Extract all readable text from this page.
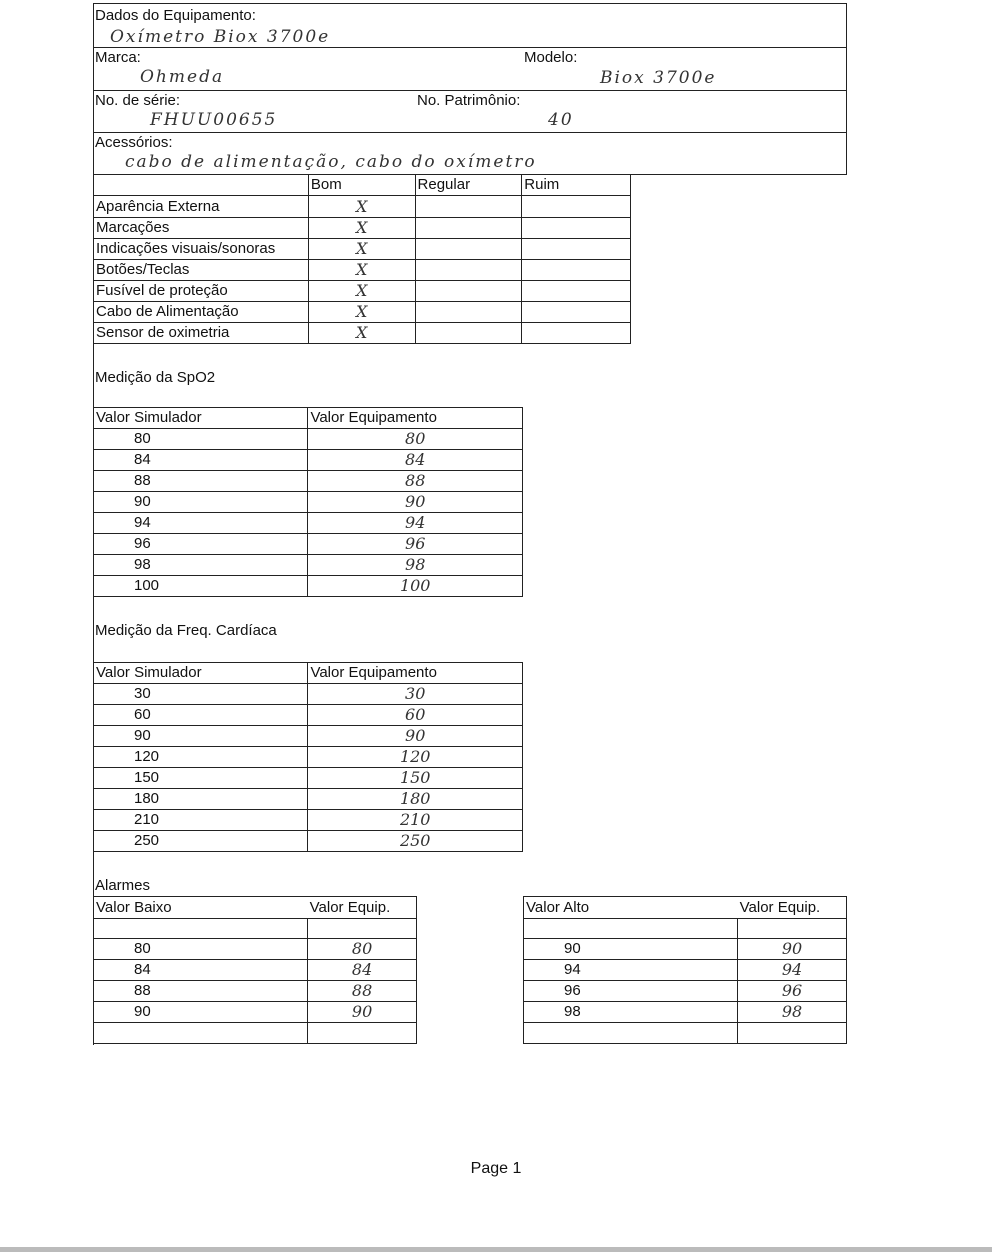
Dados do Equipamento:
Oxímetro Biox 3700e
Marca:
Ohmeda
Modelo:
Biox 3700e
No. de série:
FHUU00655
No. Patrimônio:
40
Acessórios:
cabo de alimentação, cabo do oxímetro
	Bom	Regular	Ruim
Aparência Externa	X		
Marcações	X		
Indicações visuais/sonoras	X		
Botões/Teclas	X		
Fusível de proteção	X		
Cabo de Alimentação	X		
Sensor de oximetria	X		
Medição da SpO2
Valor Simulador	Valor Equipamento
80	80
84	84
88	88
90	90
94	94
96	96
98	98
100	100
Medição da Freq. Cardíaca
Valor Simulador	Valor Equipamento
30	30
60	60
90	90
120	120
150	150
180	180
210	210
250	250
Alarmes
Valor Baixo	Valor Equip.

80	80
84	84
88	88
90	90

Valor Alto	Valor Equip.

90	90
94	94
96	96
98	98

Page 1
